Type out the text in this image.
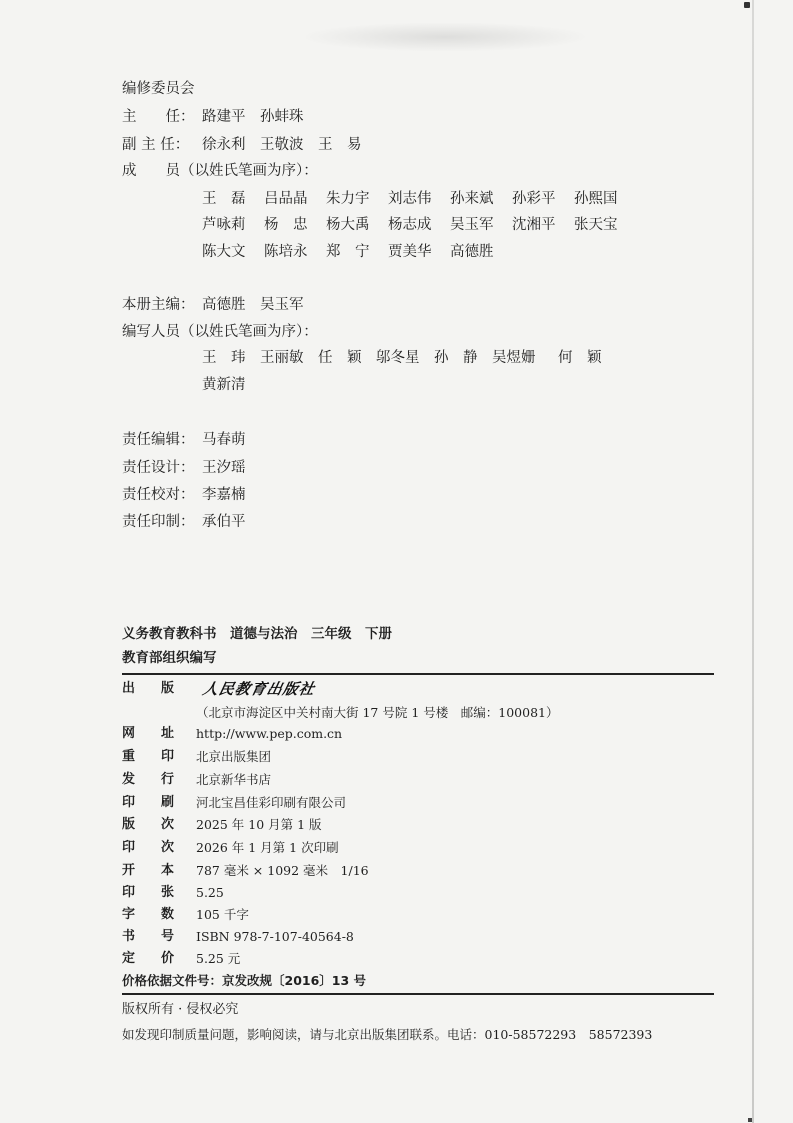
编修委员会
主　　任： 路建平　孙蚌珠
副 主 任： 徐永利　王敬波　王　易
成　　员（以姓氏笔画为序）：
王　磊 吕品晶 朱力宇 刘志伟 孙来斌 孙彩平 孙熙国
芦咏莉 杨　忠 杨大禹 杨志成 吴玉军 沈湘平 张天宝
陈大文 陈培永 郑　宁 贾美华 高德胜
本册主编： 高德胜　吴玉军
编写人员（以姓氏笔画为序）：
王　玮 王丽敏 任　颖 邬冬星 孙　静 吴煜姗 何　颖
黄新清
责任编辑： 马春萌
责任设计： 王汐瑶
责任校对： 李嘉楠
责任印制： 承伯平
义务教育教科书　道德与法治　三年级　下册
教育部组织编写
出　　版 人民教育出版社
（北京市海淀区中关村南大街 17 号院 1 号楼　邮编：100081）
网　　址 http://www.pep.com.cn
重　　印 北京出版集团
发　　行 北京新华书店
印　　刷 河北宝昌佳彩印刷有限公司
版　　次 2025 年 10 月第 1 版
印　　次 2026 年 1 月第 1 次印刷
开　　本 787 毫米 × 1092 毫米　1/16
印　　张 5.25
字　　数 105 千字
书　　号 ISBN 978-7-107-40564-8
定　　价 5.25 元
价格依据文件号：京发改规〔2016〕13 号
版权所有 · 侵权必究
如发现印制质量问题，影响阅读，请与北京出版集团联系。电话：010-58572293　58572393
